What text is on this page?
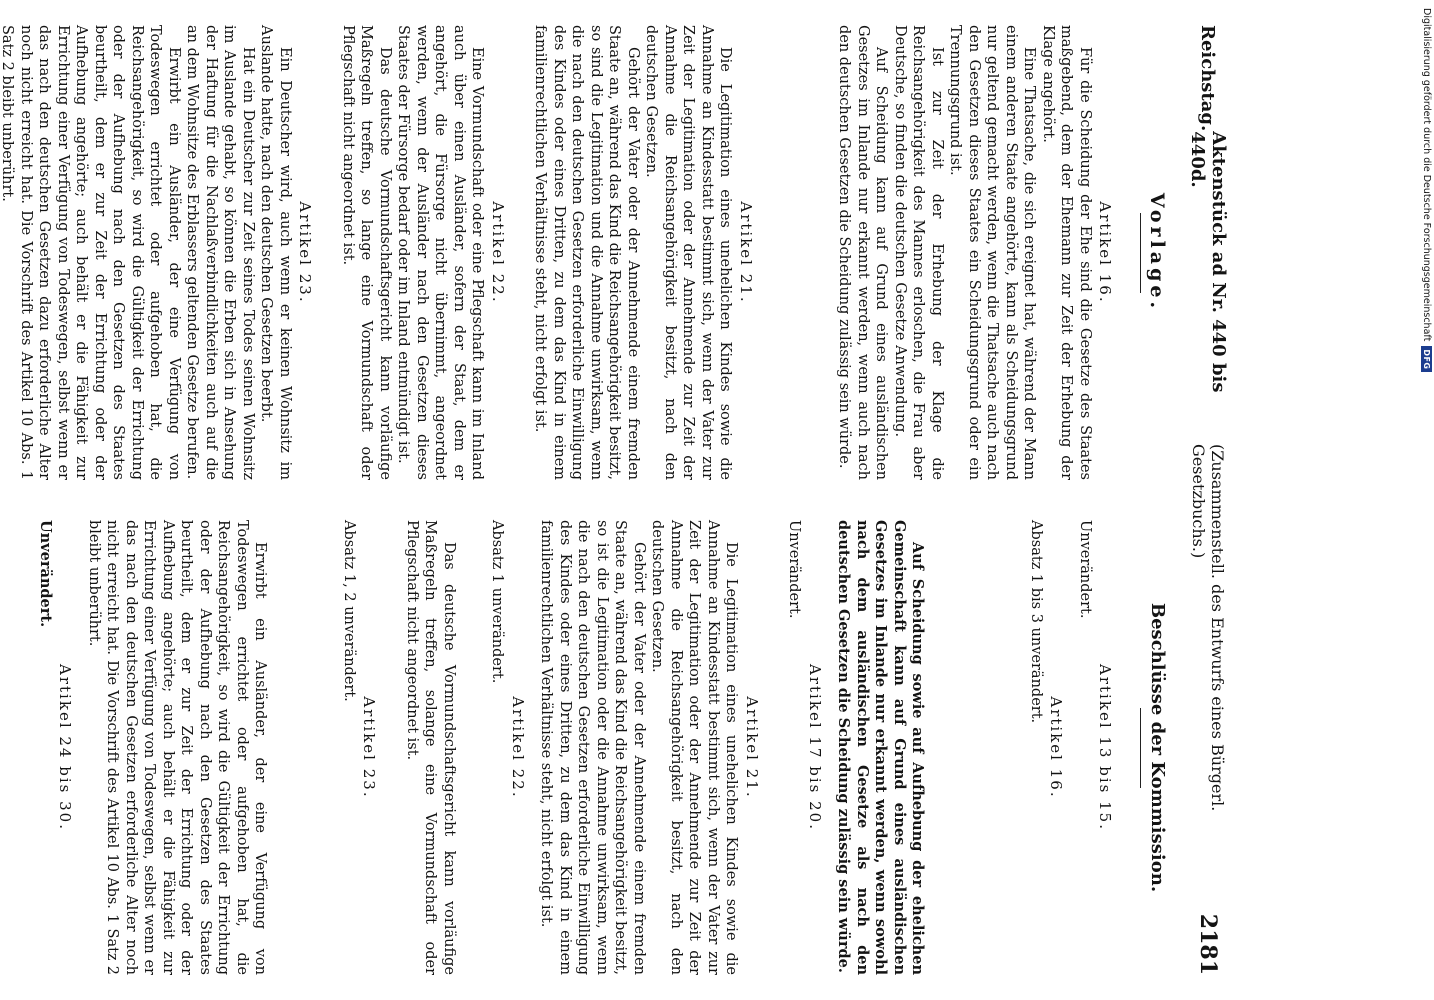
Reichstag.
Aktenstück ad Nr. 440 bis 440d.
(Zusammenstell. des Entwurfs eines Bürgerl. Gesetzbuchs.)
2181
Vorlage.
Artikel 16.

Für die Scheidung der Ehe sind die Gesetze des Staates maßgebend, dem der Ehemann zur Zeit der Erhebung der Klage angehört.

Eine Thatsache, die sich ereignet hat, während der Mann einem anderen Staate angehörte, kann als Scheidungsgrund nur geltend gemacht werden, wenn die Thatsache auch nach den Gesetzen dieses Staates ein Scheidungsgrund oder ein Trennungsgrund ist.

Ist zur Zeit der Erhebung der Klage die Reichsangehörigkeit des Mannes erloschen, die Frau aber Deutsche, so finden die deutschen Gesetze Anwendung.

Auf Scheidung kann auf Grund eines ausländischen Gesetzes im Inlande nur erkannt werden, wenn auch nach den deutschen Gesetzen die Scheidung zulässig sein würde.

Artikel 21.

Die Legitimation eines unehelichen Kindes sowie die Annahme an Kindesstatt bestimmt sich, wenn der Vater zur Zeit der Legitimation oder der Annehmende zur Zeit der Annahme die Reichsangehörigkeit besitzt, nach den deutschen Gesetzen.

Gehört der Vater oder der Annehmende einem fremden Staate an, während das Kind die Reichsangehörigkeit besitzt, so sind die Legitimation und die Annahme unwirksam, wenn die nach den deutschen Gesetzen erforderliche Einwilligung des Kindes oder eines Dritten, zu dem das Kind in einem familienrechtlichen Verhältnisse steht, nicht erfolgt ist.

Artikel 22.

Eine Vormundschaft oder eine Pflegschaft kann im Inland auch über einen Ausländer, sofern der Staat, dem er angehört, die Fürsorge nicht übernimmt, angeordnet werden, wenn der Ausländer nach den Gesetzen dieses Staates der Fürsorge bedarf oder im Inland entmündigt ist.

Das deutsche Vormundschaftsgericht kann vorläufige Maßregeln treffen, so lange eine Vormundschaft oder Pflegschaft nicht angeordnet ist.

Artikel 23.

Ein Deutscher wird, auch wenn er keinen Wohnsitz im Auslande hatte, nach den deutschen Gesetzen beerbt.

Hat ein Deutscher zur Zeit seines Todes seinen Wohnsitz im Auslande gehabt, so können die Erben sich in Ansehung der Haftung für die Nachlaßverbindlichkeiten auch auf die an dem Wohnsitze des Erblassers geltenden Gesetze berufen.

Erwirbt ein Ausländer, der eine Verfügung von Todeswegen errichtet oder aufgehoben hat, die Reichsangehörigkeit, so wird die Gültigkeit der Errichtung oder der Aufhebung nach den Gesetzen des Staates beurtheilt, dem er zur Zeit der Errichtung oder der Aufhebung angehörte; auch behält er die Fähigkeit zur Errichtung einer Verfügung von Todeswegen, selbst wenn er das nach den deutschen Gesetzen dazu erforderliche Alter noch nicht erreicht hat. Die Vorschrift des Artikel 10 Abs. 1 Satz 2 bleibt unberührt.

Beschlüsse der Kommission.
Artikel 13 bis 15.

Unverändert.

Artikel 16.

Absatz 1 bis 3 unverändert.

Auf Scheidung sowie auf Aufhebung der ehelichen Gemeinschaft kann auf Grund eines ausländischen Gesetzes im Inlande nur erkannt werden, wenn sowohl nach dem ausländischen Gesetze als nach den deutschen Gesetzen die Scheidung zulässig sein würde.

Artikel 17 bis 20.

Unverändert.

Artikel 21.

Die Legitimation eines unehelichen Kindes sowie die Annahme an Kindesstatt bestimmt sich, wenn der Vater zur Zeit der Legitimation oder der Annehmende zur Zeit der Annahme die Reichsangehörigkeit besitzt, nach den deutschen Gesetzen.

Gehört der Vater oder der Annehmende einem fremden Staate an, während das Kind die Reichsangehörigkeit besitzt, so ist die Legitimation oder die Annahme unwirksam, wenn die nach den deutschen Gesetzen erforderliche Einwilligung des Kindes oder eines Dritten, zu dem das Kind in einem familienrechtlichen Verhältnisse steht, nicht erfolgt ist.

Artikel 22.

Absatz 1 unverändert.

Das deutsche Vormundschaftsgericht kann vorläufige Maßregeln treffen, solange eine Vormundschaft oder Pflegschaft nicht angeordnet ist.

Artikel 23.

Absatz 1, 2 unverändert.

Erwirbt ein Ausländer, der eine Verfügung von Todeswegen errichtet oder aufgehoben hat, die Reichsangehörigkeit, so wird die Gültigkeit der Errichtung oder der Aufhebung nach den Gesetzen des Staates beurtheilt, dem er zur Zeit der Errichtung oder der Aufhebung angehörte; auch behält er die Fähigkeit zur Errichtung einer Verfügung von Todeswegen, selbst wenn er das nach den deutschen Gesetzen erforderliche Alter noch nicht erreicht hat. Die Vorschrift des Artikel 10 Abs. 1 Satz 2 bleibt unberührt.

Artikel 24 bis 30.

Unverändert.

Digitalisierung gefördert durch die Deutsche Forschungsgemeinschaft
DFG
